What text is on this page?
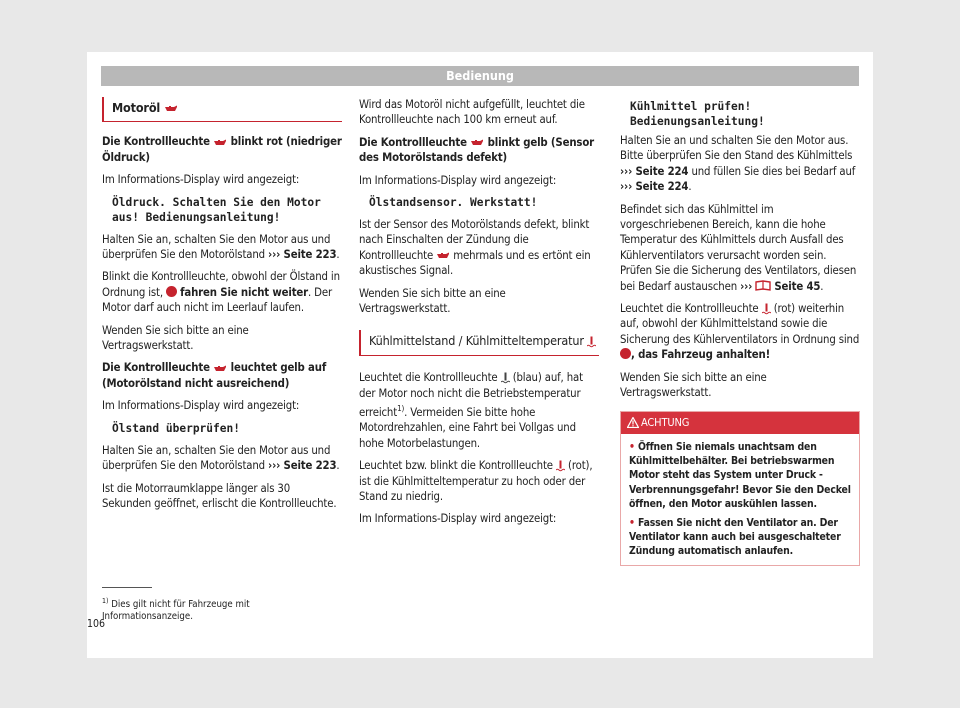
Bedienung
Motoröl

Die Kontrollleuchte blinkt rot (niedriger Öldruck)

Im Informations-Display wird angezeigt:

Öldruck. Schalten Sie den Motor aus! Bedienungsanleitung!

Halten Sie an, schalten Sie den Motor aus und überprüfen Sie den Motorölstand ››› Seite 223.

Blinkt die Kontrollleuchte, obwohl der Ölstand in Ordnung ist, fahren Sie nicht weiter. Der Motor darf auch nicht im Leerlauf laufen.

Wenden Sie sich bitte an eine Vertragswerkstatt.

Die Kontrollleuchte leuchtet gelb auf (Motorölstand nicht ausreichend)

Im Informations-Display wird angezeigt:

Ölstand überprüfen!

Halten Sie an, schalten Sie den Motor aus und überprüfen Sie den Motorölstand ››› Seite 223.

Ist die Motorraumklappe länger als 30 Sekunden geöffnet, erlischt die Kontrollleuchte.

Wird das Motoröl nicht aufgefüllt, leuchtet die Kontrollleuchte nach 100 km erneut auf.

Die Kontrollleuchte blinkt gelb (Sensor des Motorölstands defekt)

Im Informations-Display wird angezeigt:

Ölstandsensor. Werkstatt!

Ist der Sensor des Motorölstands defekt, blinkt nach Einschalten der Zündung die Kontrollleuchte mehrmals und es ertönt ein akustisches Signal.

Wenden Sie sich bitte an eine Vertragswerkstatt.

Kühlmittelstand / Kühlmitteltemperatur

Leuchtet die Kontrollleuchte (blau) auf, hat der Motor noch nicht die Betriebstemperatur erreicht$^{1)}$. Vermeiden Sie bitte hohe Motordrehzahlen, eine Fahrt bei Vollgas und hohe Motorbelastungen.

Leuchtet bzw. blinkt die Kontrollleuchte (rot), ist die Kühlmitteltemperatur zu hoch oder der Stand zu niedrig.

Im Informations-Display wird angezeigt:

Kühlmittel prüfen! Bedienungsanleitung!

Halten Sie an und schalten Sie den Motor aus. Bitte überprüfen Sie den Stand des Kühlmittels ››› Seite 224 und füllen Sie dies bei Bedarf auf ››› Seite 224.

Befindet sich das Kühlmittel im vorgeschriebenen Bereich, kann die hohe Temperatur des Kühlmittels durch Ausfall des Kühlerventilators verursacht worden sein. Prüfen Sie die Sicherung des Ventilators, diesen bei Bedarf austauschen ››› Seite 45.

Leuchtet die Kontrollleuchte (rot) weiterhin auf, obwohl der Kühlmittelstand sowie die Sicherung des Kühlerventilators in Ordnung sind , das Fahrzeug anhalten!

Wenden Sie sich bitte an eine Vertragswerkstatt.

ACHTUNG

• Öffnen Sie niemals unachtsam den Kühlmittelbehälter. Bei betriebswarmen Motor steht das System unter Druck - Verbrennungsgefahr! Bevor Sie den Deckel öffnen, den Motor auskühlen lassen.

• Fassen Sie nicht den Ventilator an. Der Ventilator kann auch bei ausgeschalteter Zündung automatisch anlaufen.

$^{1)}$ Dies gilt nicht für Fahrzeuge mit Informationsanzeige.
106
